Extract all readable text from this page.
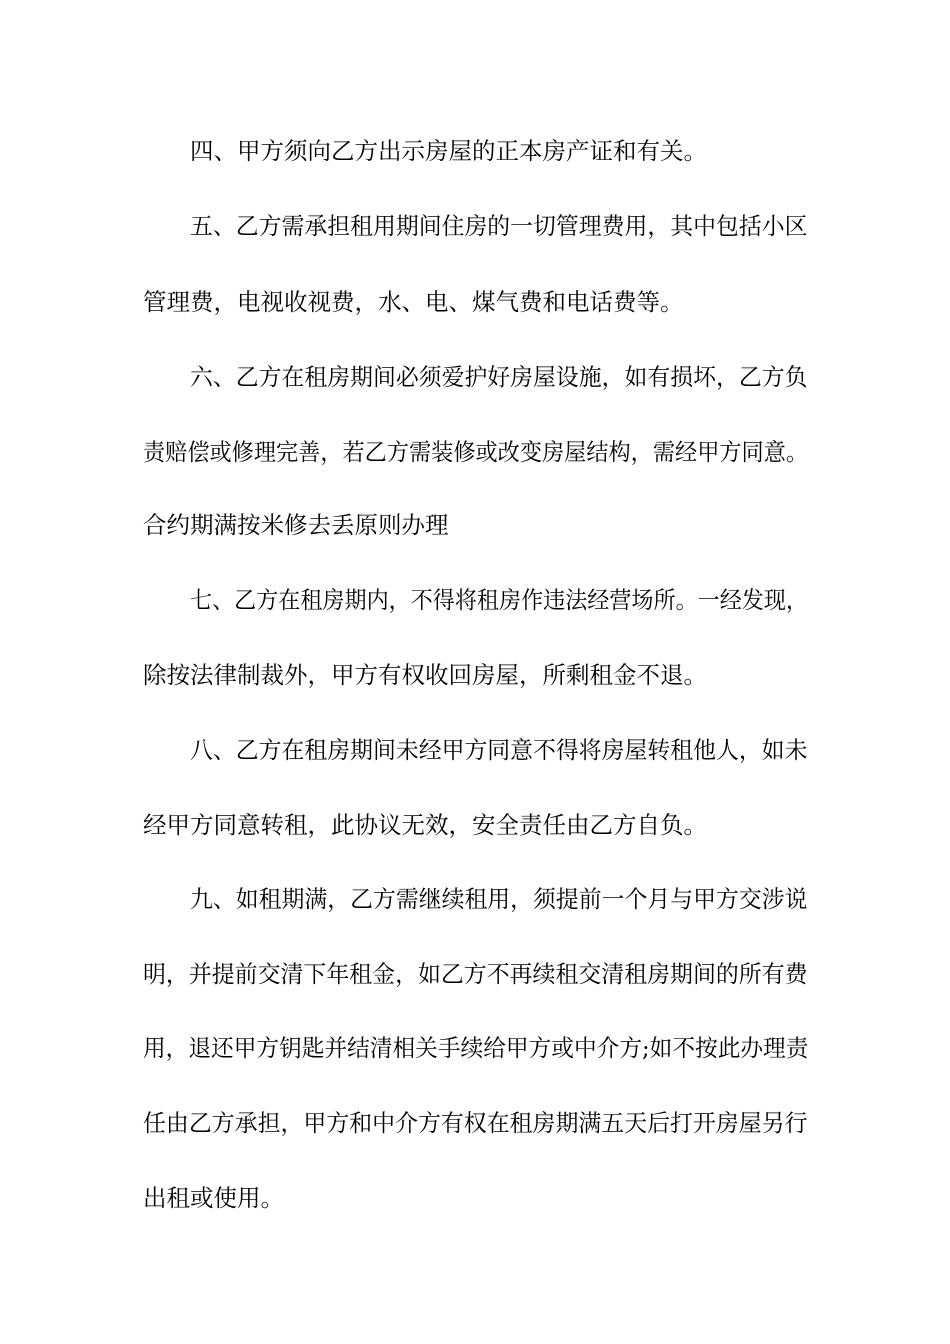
四、甲方须向乙方出示房屋的正本房产证和有关。

五、乙方需承担租用期间住房的一切管理费用，其中包括小区

管理费，电视收视费，水、电、煤气费和电话费等。

六、乙方在租房期间必须爱护好房屋设施，如有损坏，乙方负

责赔偿或修理完善，若乙方需装修或改变房屋结构，需经甲方同意。

合约期满按米修去丢原则办理

七、乙方在租房期内，不得将租房作违法经营场所。一经发现，

除按法律制裁外，甲方有权收回房屋，所剩租金不退。

八、乙方在租房期间未经甲方同意不得将房屋转租他人，如未

经甲方同意转租，此协议无效，安全责任由乙方自负。

九、如租期满，乙方需继续租用，须提前一个月与甲方交涉说

明，并提前交清下年租金，如乙方不再续租交清租房期间的所有费

用，退还甲方钥匙并结清相关手续给甲方或中介方;如不按此办理责

任由乙方承担，甲方和中介方有权在租房期满五天后打开房屋另行

出租或使用。
